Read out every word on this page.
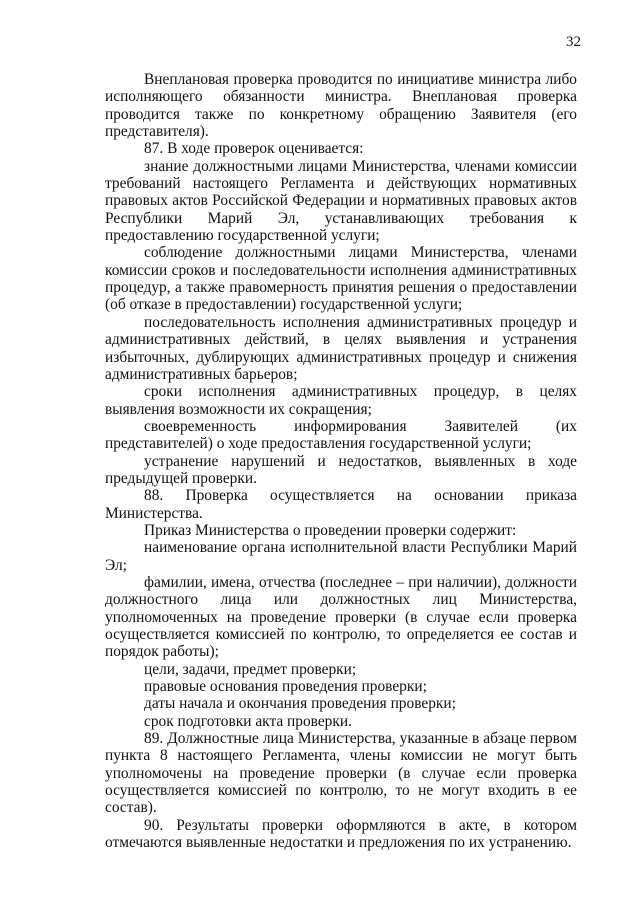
32

Внеплановая проверка проводится по инициативе министра либо исполняющего обязанности министра. Внеплановая проверка проводится также по конкретному обращению Заявителя (его представителя).

87. В ходе проверок оценивается:

знание должностными лицами Министерства, членами комиссии требований настоящего Регламента и действующих нормативных правовых актов Российской Федерации и нормативных правовых актов Республики Марий Эл, устанавливающих требования к предоставлению государственной услуги;

соблюдение должностными лицами Министерства, членами комиссии сроков и последовательности исполнения административных процедур, а также правомерность принятия решения о предоставлении (об отказе в предоставлении) государственной услуги;

последовательность исполнения административных процедур и административных действий, в целях выявления и устранения избыточных, дублирующих административных процедур и снижения административных барьеров;

сроки исполнения административных процедур, в целях выявления возможности их сокращения;

своевременность информирования Заявителей (их представителей) о ходе предоставления государственной услуги;

устранение нарушений и недостатков, выявленных в ходе предыдущей проверки.

88. Проверка осуществляется на основании приказа Министерства.

Приказ Министерства о проведении проверки содержит:

наименование органа исполнительной власти Республики Марий Эл;

фамилии, имена, отчества (последнее – при наличии), должности должностного лица или должностных лиц Министерства, уполномоченных на проведение проверки (в случае если проверка осуществляется комиссией по контролю, то определяется ее состав и порядок работы);

цели, задачи, предмет проверки;

правовые основания проведения проверки;

даты начала и окончания проведения проверки;

срок подготовки акта проверки.

89. Должностные лица Министерства, указанные в абзаце первом пункта 8 настоящего Регламента, члены комиссии не могут быть уполномочены на проведение проверки (в случае если проверка осуществляется комиссией по контролю, то не могут входить в ее состав).

90. Результаты проверки оформляются в акте, в котором отмечаются выявленные недостатки и предложения по их устранению.
